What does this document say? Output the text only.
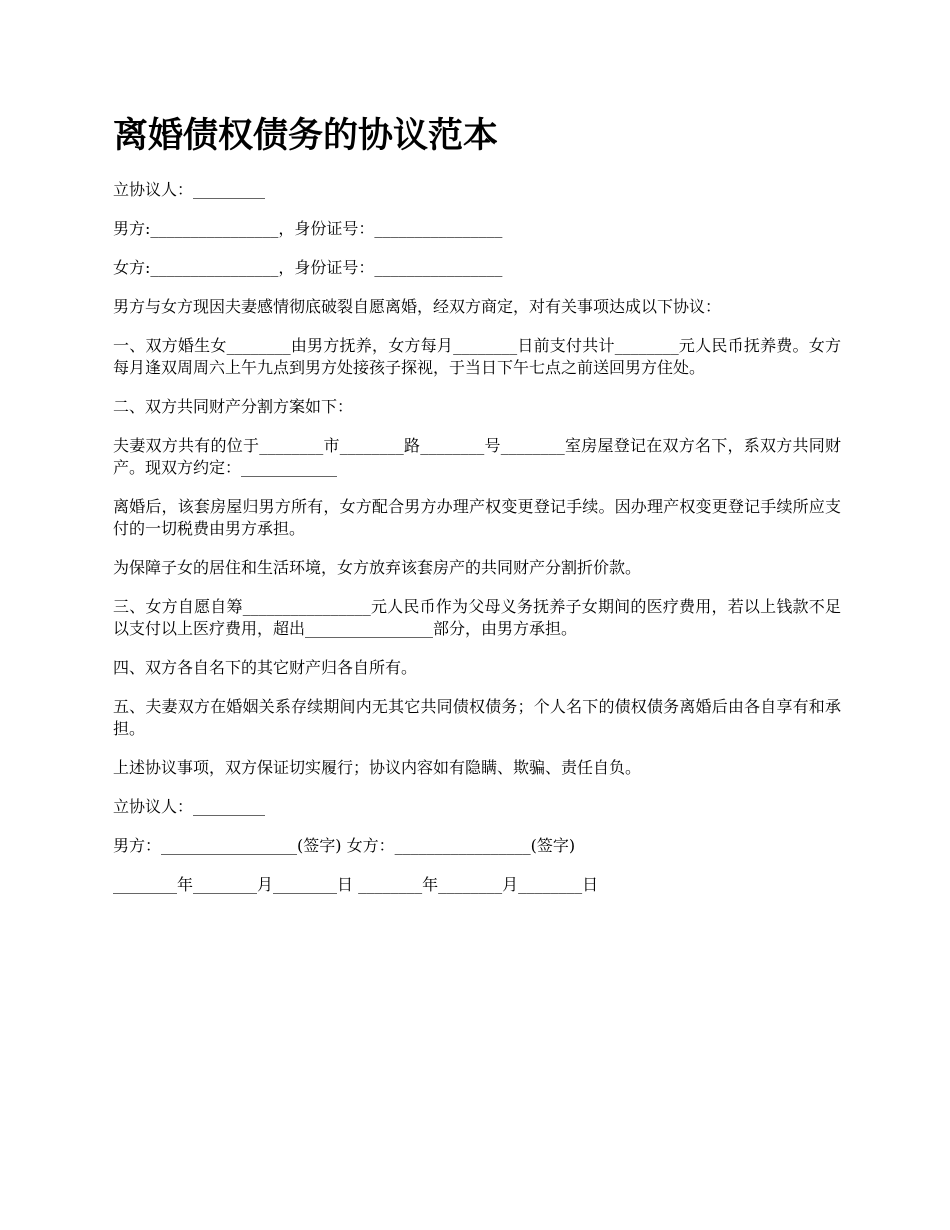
离婚债权债务的协议范本

立协议人：_________

男方:________________，身份证号：________________

女方:________________，身份证号：________________

男方与女方现因夫妻感情彻底破裂自愿离婚，经双方商定，对有关事项达成以下协议：

一、双方婚生女________由男方抚养，女方每月________日前支付共计________元人民币抚养费。女方每月逢双周周六上午九点到男方处接孩子探视，于当日下午七点之前送回男方住处。

二、双方共同财产分割方案如下：

夫妻双方共有的位于________市________路________号________室房屋登记在双方名下，系双方共同财产。现双方约定：____________

离婚后，该套房屋归男方所有，女方配合男方办理产权变更登记手续。因办理产权变更登记手续所应支付的一切税费由男方承担。

为保障子女的居住和生活环境，女方放弃该套房产的共同财产分割折价款。

三、女方自愿自筹________________元人民币作为父母义务抚养子女期间的医疗费用，若以上钱款不足以支付以上医疗费用，超出________________部分，由男方承担。

四、双方各自名下的其它财产归各自所有。

五、夫妻双方在婚姻关系存续期间内无其它共同债权债务；个人名下的债权债务离婚后由各自享有和承担。

上述协议事项，双方保证切实履行；协议内容如有隐瞒、欺骗、责任自负。

立协议人：_________

男方：_________________(签字) 女方：_________________(签字)

________年________月________日 ________年________月________日
